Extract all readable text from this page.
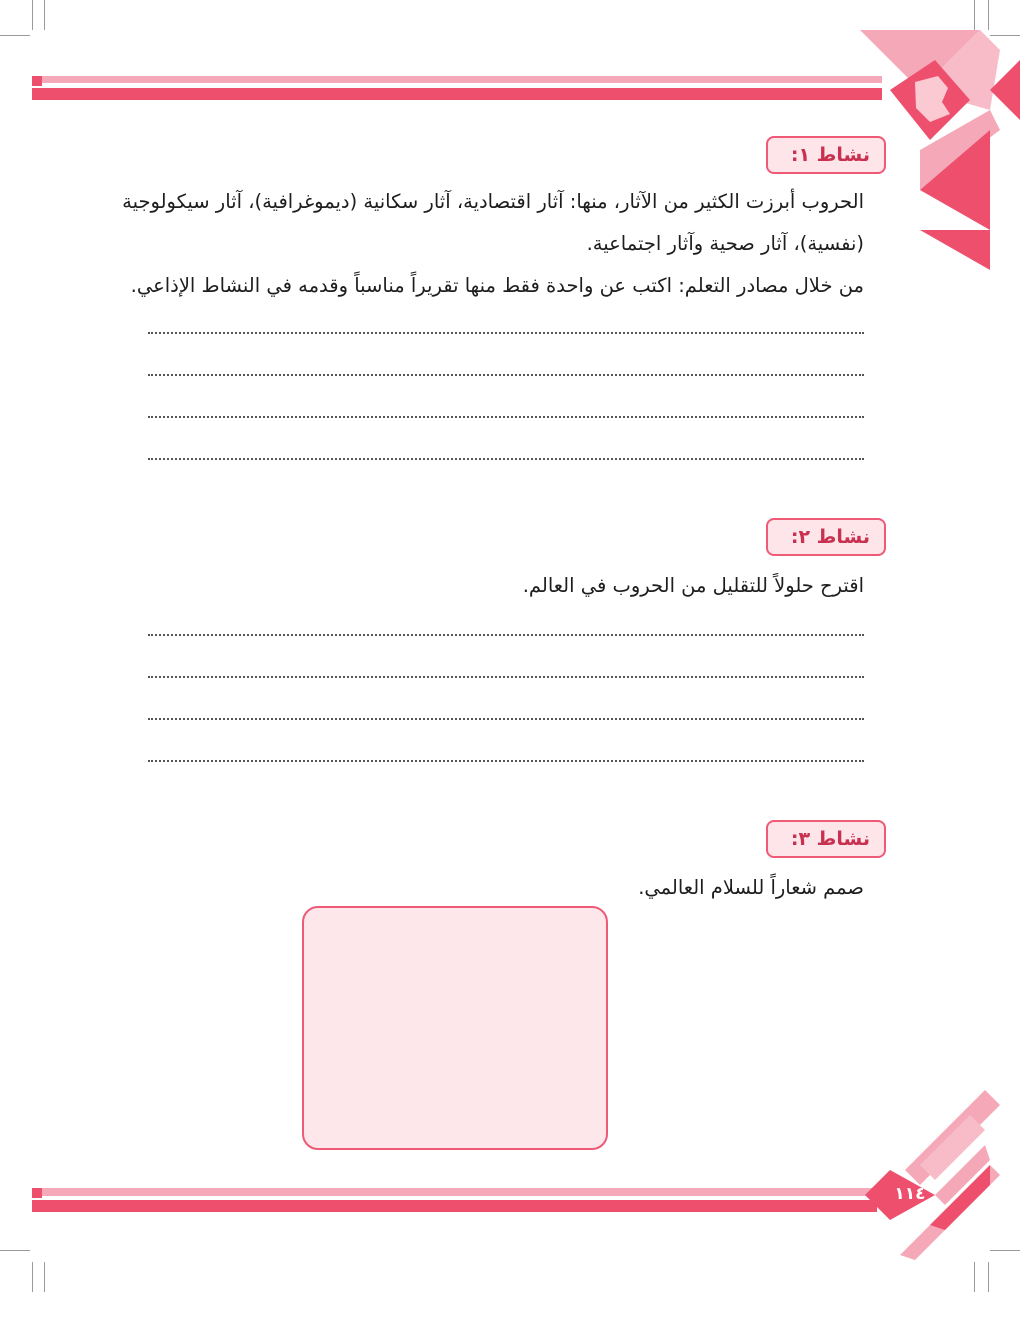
نشاط ١:
الحروب أبرزت الكثير من الآثار، منها: آثار اقتصادية، آثار سكانية (ديموغرافية)، آثار سيكولوجية
(نفسية)، آثار صحية وآثار اجتماعية.
من خلال مصادر التعلم: اكتب عن واحدة فقط منها تقريراً مناسباً وقدمه في النشاط الإذاعي.
نشاط ٢:
اقترح حلولاً للتقليل من الحروب في العالم.
نشاط ٣:
صمم شعاراً للسلام العالمي.
١١٤
